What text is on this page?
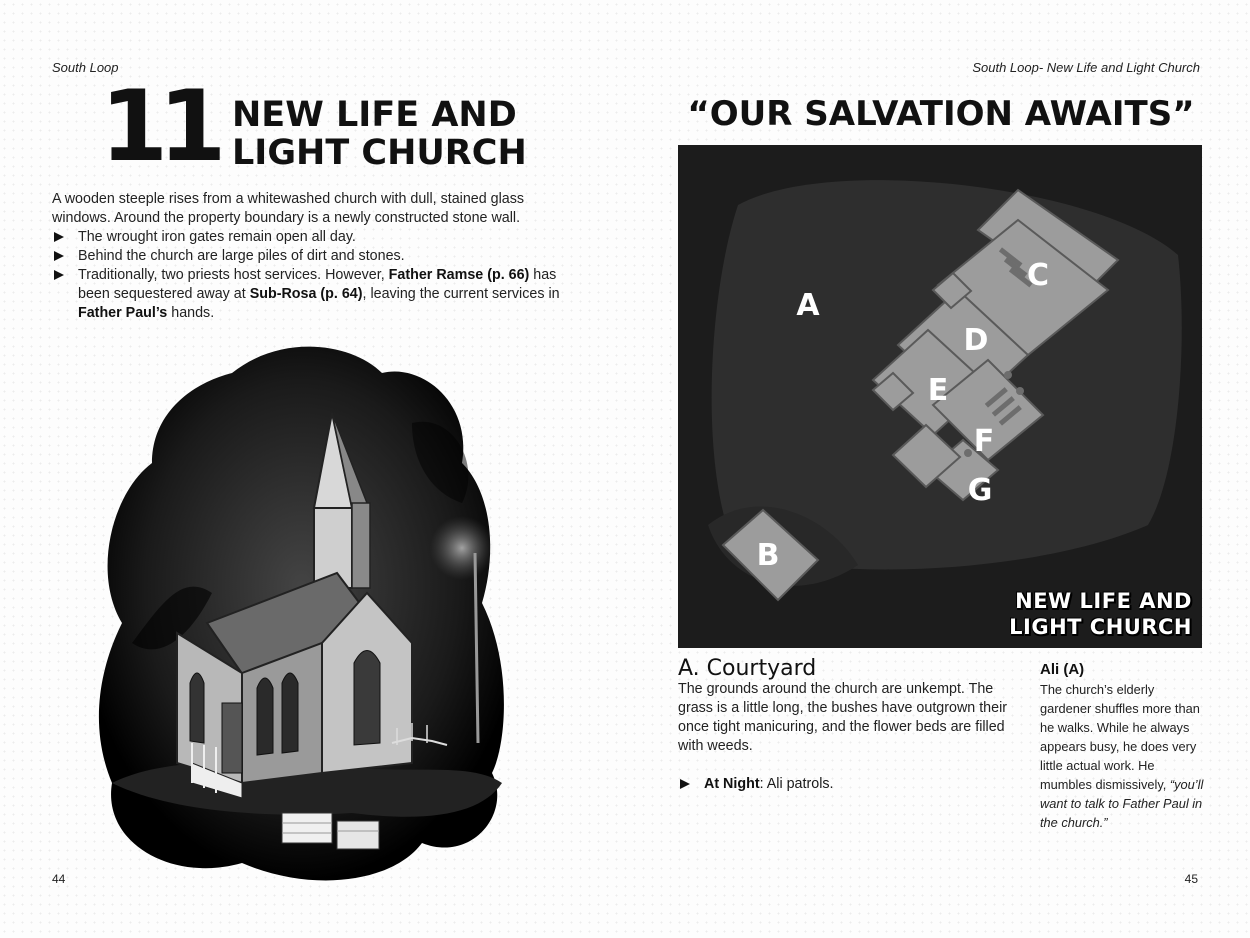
South Loop
11 NEW LIFE AND
LIGHT CHURCH
A wooden steeple rises from a whitewashed church with dull, stained glass windows. Around the property boundary is a newly constructed stone wall.
The wrought iron gates remain open all day.
Behind the church are large piles of dirt and stones.
Traditionally, two priests host services. However, Father Ramse (p. 66) has been sequestered away at Sub-Rosa (p. 64), leaving the current services in Father Paul’s hands.
44
South Loop- New Life and Light Church
“OUR SALVATION AWAITS”
A
B
C
D
E
F
G
NEW LIFE AND
LIGHT CHURCH
A. Courtyard
The grounds around the church are unkempt. The grass is a little long, the bushes have outgrown their once tight manicuring, and the flower beds are filled with weeds.
At Night: Ali patrols.
Ali (A)
The church’s elderly gardener shuffles more than he walks. While he always appears busy, he does very little actual work. He mumbles dismissively, “you’ll want to talk to Father Paul in the church.”
45
